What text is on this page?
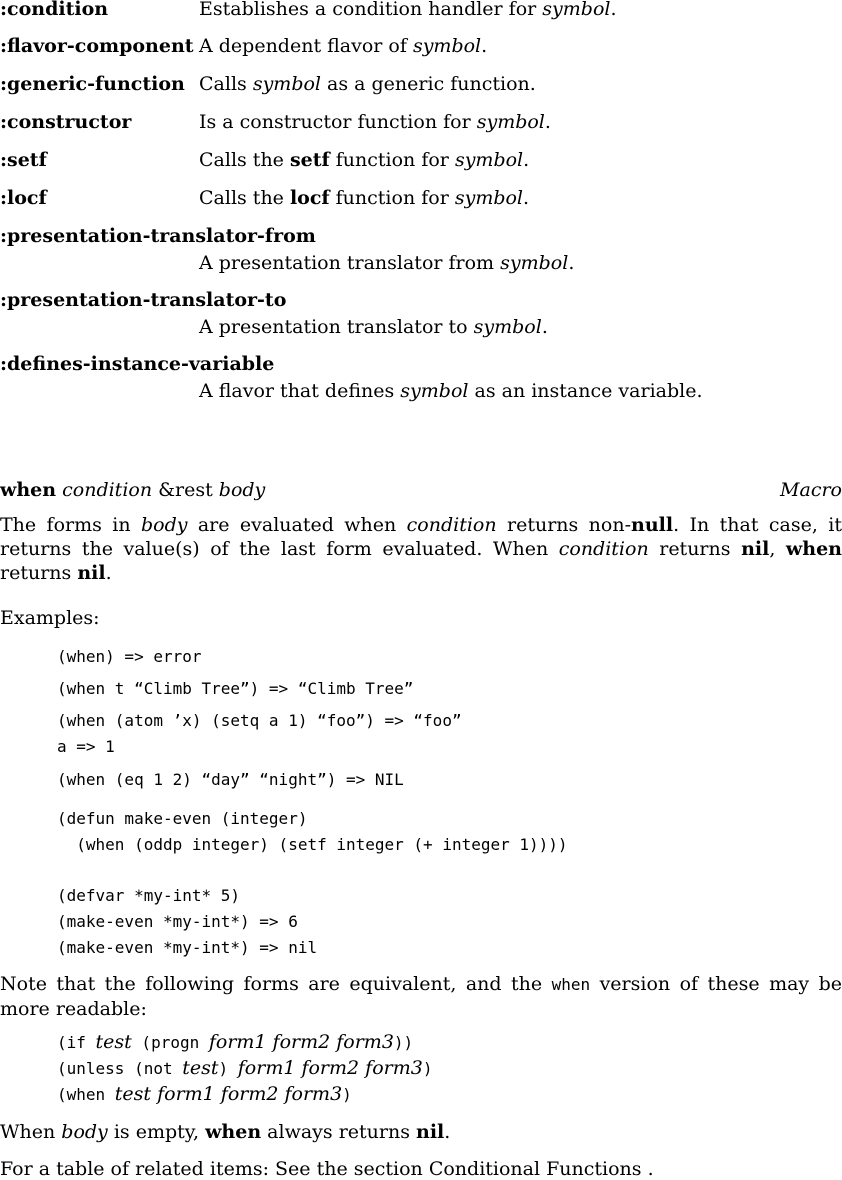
:condition	Establishes a condition handler for symbol.
:flavor-component A dependent flavor of symbol.
:generic-function Calls symbol as a generic function.
:constructor	Is a constructor function for symbol.
:setf	Calls the setf function for symbol.
:locf	Calls the locf function for symbol.
:presentation-translator-from
A presentation translator from symbol.
:presentation-translator-to
A presentation translator to symbol.
:defines-instance-variable
A flavor that defines symbol as an instance variable.
when condition &rest body	Macro
The forms in body are evaluated when condition returns non-null. In that case, it
returns the value(s) of the last form evaluated. When condition returns nil, when
returns nil.
Examples:
(when) => error
(when t “Climb Tree”) => “Climb Tree”
(when (atom ’x) (setq a 1) “foo”) => “foo”
a => 1
(when (eq 1 2) “day” “night”) => NIL
(defun make-even (integer)
(when (oddp integer) (setf integer (+ integer 1))))
(defvar *my-int* 5)
(make-even *my-int*) => 6
(make-even *my-int*) => nil
Note that the following forms are equivalent, and the when version of these may be
more readable:
(if test (progn form1 form2 form3))
(unless (not test) form1 form2 form3)
(when test form1 form2 form3)
When body is empty, when always returns nil.
For a table of related items: See the section Conditional Functions .
